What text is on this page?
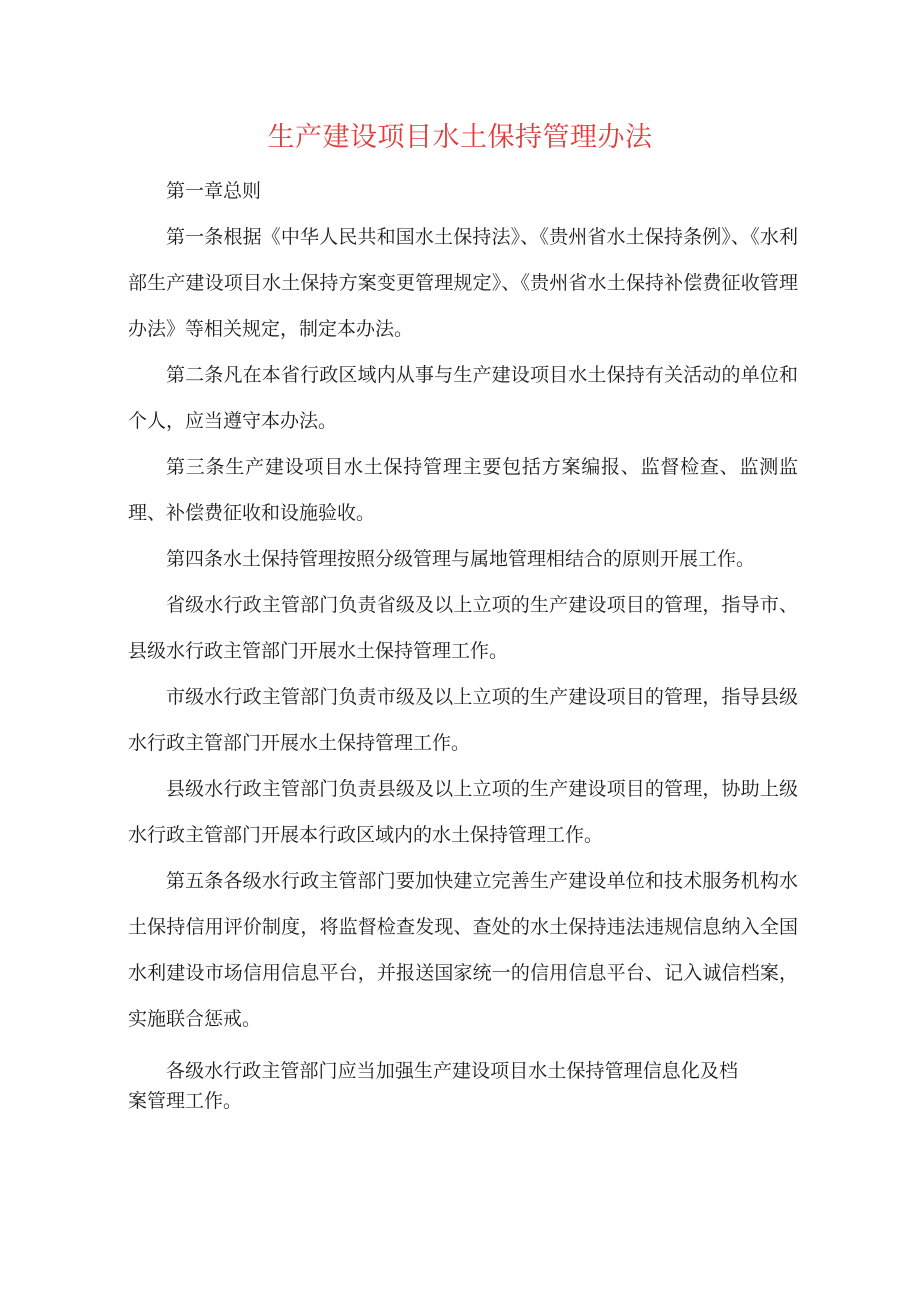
生产建设项目水土保持管理办法

第一章总则

第一条根据《中华人民共和国水土保持法》、《贵州省水土保持条例》、《水利部生产建设项目水土保持方案变更管理规定》、《贵州省水土保持补偿费征收管理办法》等相关规定，制定本办法。

第二条凡在本省行政区域内从事与生产建设项目水土保持有关活动的单位和个人，应当遵守本办法。

第三条生产建设项目水土保持管理主要包括方案编报、监督检查、监测监理、补偿费征收和设施验收。

第四条水土保持管理按照分级管理与属地管理相结合的原则开展工作。

省级水行政主管部门负责省级及以上立项的生产建设项目的管理，指导市、县级水行政主管部门开展水土保持管理工作。

市级水行政主管部门负责市级及以上立项的生产建设项目的管理，指导县级水行政主管部门开展水土保持管理工作。

县级水行政主管部门负责县级及以上立项的生产建设项目的管理，协助上级水行政主管部门开展本行政区域内的水土保持管理工作。

第五条各级水行政主管部门要加快建立完善生产建设单位和技术服务机构水土保持信用评价制度，将监督检查发现、查处的水土保持违法违规信息纳入全国水利建设市场信用信息平台，并报送国家统一的信用信息平台、记入诚信档案，实施联合惩戒。

各级水行政主管部门应当加强生产建设项目水土保持管理信息化及档案管理工作。
